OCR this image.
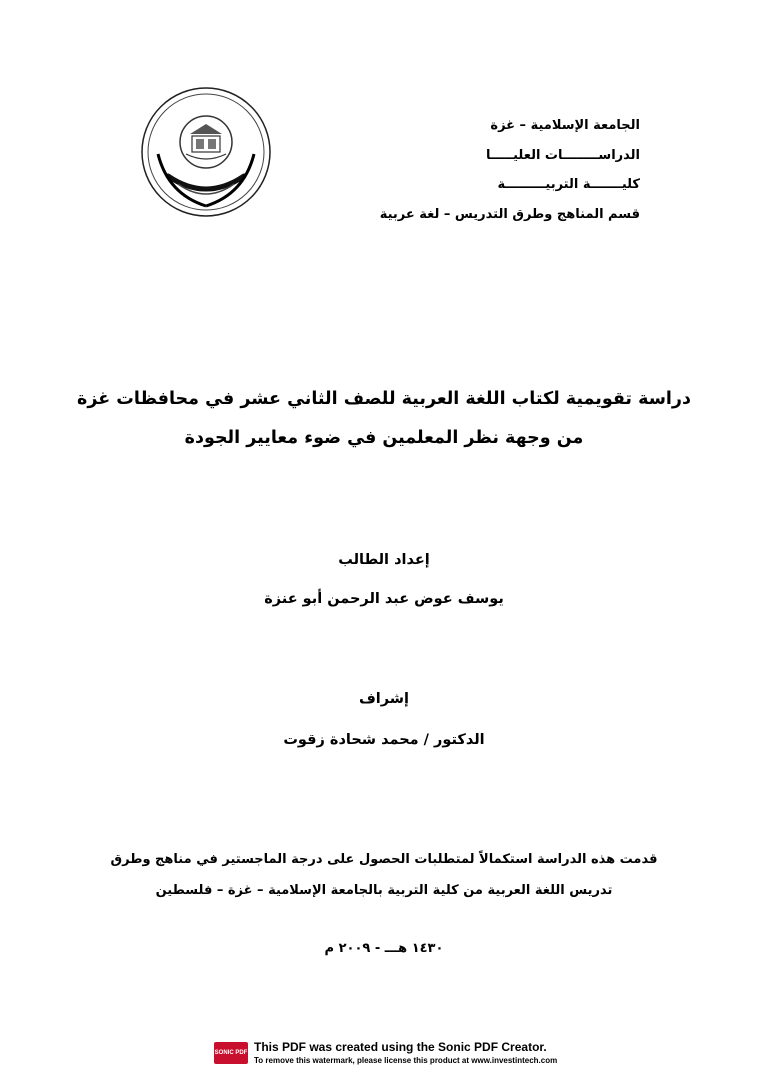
الجامعة الإسلامية – غزة
الدراســــــــات العليـــــا
كليـــــــة التربيـــــــــة
قسم المناهج وطرق التدريس – لغة عربية
دراسة تقويمية لكتاب اللغة العربية للصف الثاني عشر في محافظات غزة
من وجهة نظر المعلمين في ضوء معايير الجودة
إعداد الطالب
يوسف عوض عبد الرحمن أبو عنزة
إشراف
الدكتور / محمد شحادة زقوت
قدمت هذه الدراسة استكمالاً لمتطلبات الحصول على درجة الماجستير في مناهج وطرق
تدريس اللغة العربية من كلية التربية بالجامعة الإسلامية – غزة – فلسطين
١٤٣٠ هـــ - ٢٠٠٩ م
SONIC PDF This PDF was created using the Sonic PDF Creator.
To remove this watermark, please license this product at www.investintech.com
